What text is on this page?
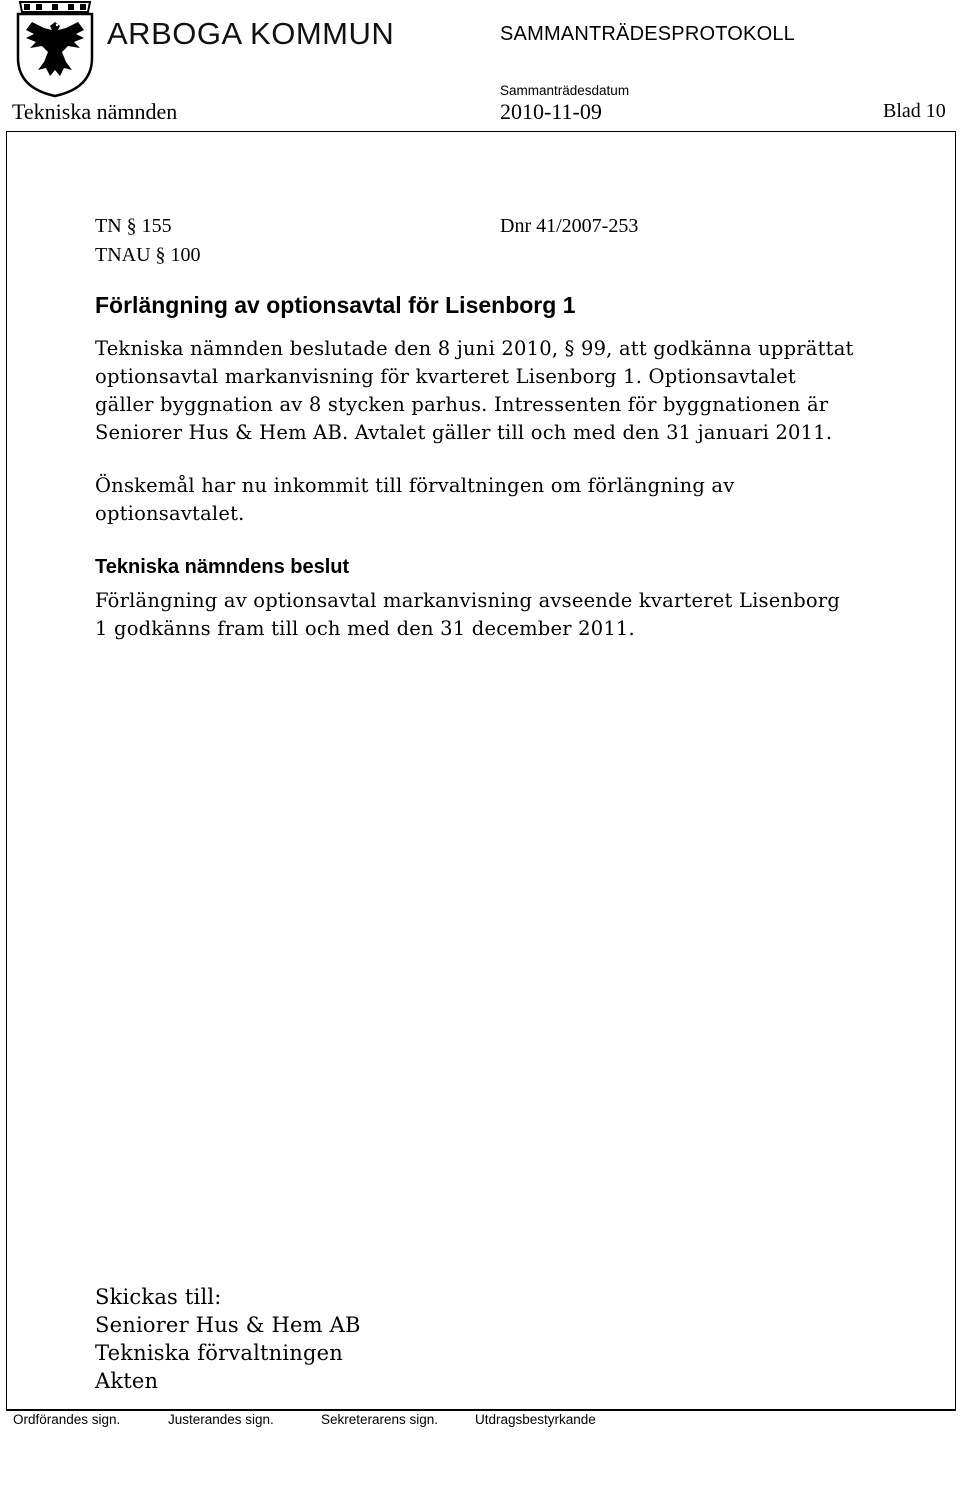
ARBOGA KOMMUN	SAMMANTRÄDESPROTOKOLL
Sammanträdesdatum
Tekniska nämnden	2010-11-09	Blad 10
TN § 155
TNAU § 100
Dnr 41/2007-253
Förlängning av optionsavtal för Lisenborg 1
Tekniska nämnden beslutade den 8 juni 2010, § 99, att godkänna upprättat optionsavtal markanvisning för kvarteret Lisenborg 1. Optionsavtalet gäller byggnation av 8 stycken parhus. Intressenten för byggnationen är Seniorer Hus & Hem AB. Avtalet gäller till och med den 31 januari 2011.
Önskemål har nu inkommit till förvaltningen om förlängning av optionsavtalet.
Tekniska nämndens beslut
Förlängning av optionsavtal markanvisning avseende kvarteret Lisenborg 1 godkänns fram till och med den 31 december 2011.
Skickas till:
Seniorer Hus & Hem AB
Tekniska förvaltningen
Akten
Ordförandes sign.	Justerandes sign.	Sekreterarens sign.	Utdragsbestyrkande
